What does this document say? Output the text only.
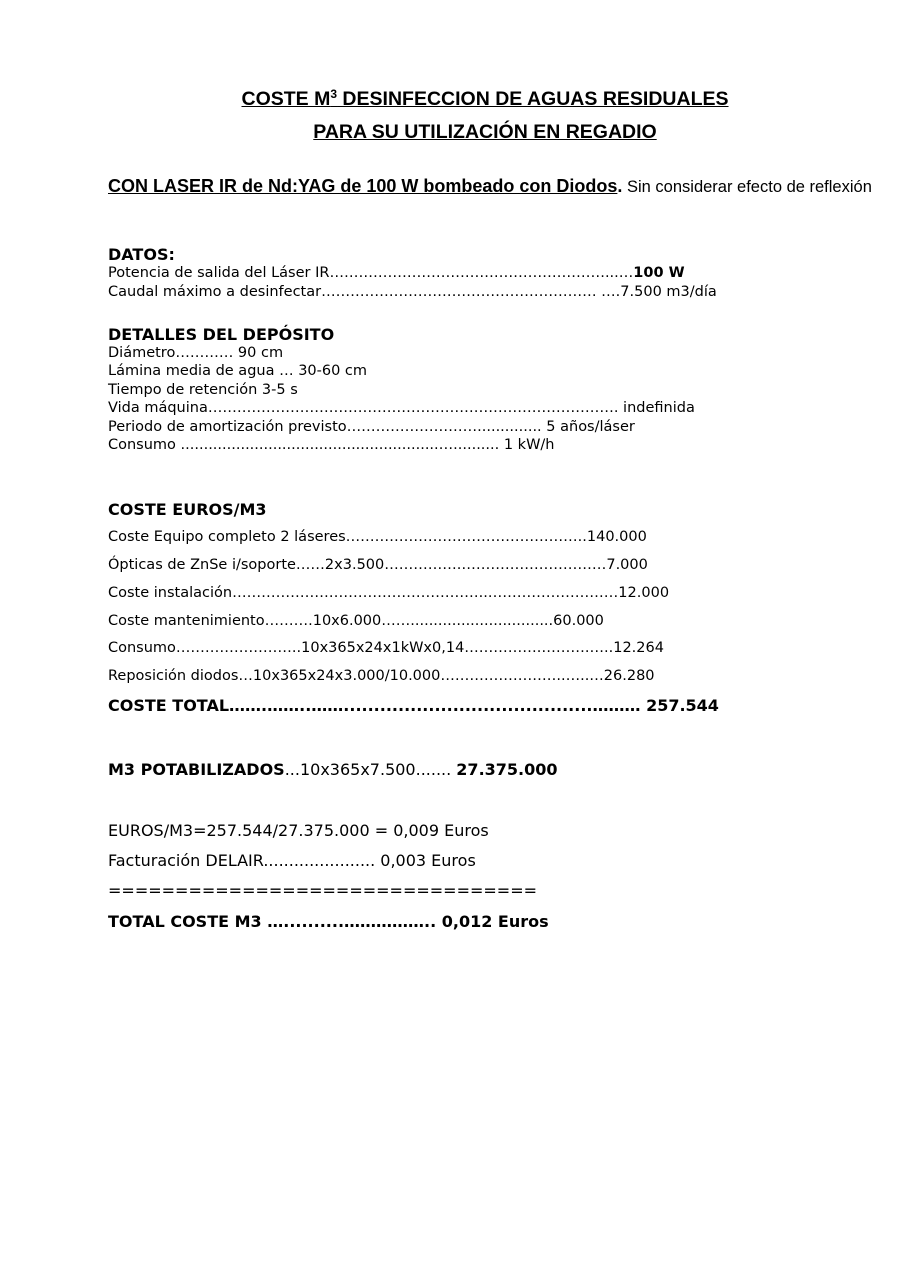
COSTE $M^3$ DESINFECCION DE AGUAS RESIDUALES
PARA SU UTILIZACIÓN EN REGADIO
CON LASER IR de Nd:YAG de 100 W bombeado con Diodos. Sin considerar efecto de reflexión
DATOS:
Potencia de salida del Láser IR…………………………………………………...…100 W
Caudal máximo a desinfectar………………………………………………… ….7.500 m3/día
DETALLES DEL DEPÓSITO
Diámetro………… 90 cm
Lámina media de agua … 30-60 cm
Tiempo de retención 3-5 s
Vida máquina…………………………………………………………………………. indefinida
Periodo de amortización previsto……………………….............. 5 años/láser
Consumo ........................................................….......... 1 kW/h
COSTE EUROS/M3
Coste Equipo completo 2 láseres…………………………………………..140.000
Ópticas de ZnSe i/soporte……2x3.500…………….…………………………7.000
Coste instalación……………………………………………..………………………12.000
Coste mantenimiento……….10x6.000……...............................60.000
Consumo……………………..10x365x24x1kWx0,14…………….……….…..12.264
Reposición diodos…10x365x24x3.000/10.000……………………..…..…26.280
COSTE TOTAL…….……..…….........................................……… 257.544
M3 POTABILIZADOS...10x365x7.500....... 27.375.000
EUROS/M3=257.544/27.375.000 = 0,009 Euros
Facturación DELAIR...................... 0,003 Euros
================================
TOTAL COSTE M3 …..........…………….. 0,012 Euros
